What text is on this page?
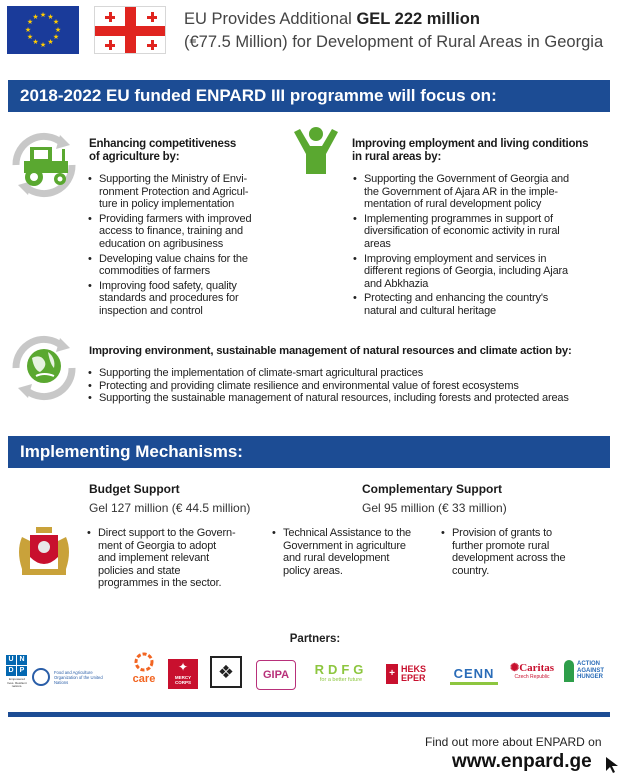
★ ★
★
★
★
★
★
★
★
★
★
★	EU Provides Additional GEL 222 million
(€77.5 Million) for Development of Rural Areas in Georgia
2018-2022 EU funded ENPARD III programme will focus on:
Enhancing competitiveness
of agriculture by:
• Supporting the Ministry of Envi-
ronment Protection and Agricul-
ture in policy implementation
• Providing farmers with improved
access to finance, training and
education on agribusiness
• Developing value chains for the
commodities of farmers
• Improving food safety, quality
standards and procedures for
inspection and control
Improving employment and living conditions
in rural areas by:
• Supporting the Government of Georgia and
the Government of Ajara AR in the imple-
mentation of rural development policy
• Implementing programmes in support of
diversification of economic activity in rural
areas
• Improving employment and services in
different regions of Georgia, including Ajara
and Abkhazia
• Protecting and enhancing the country's
natural and cultural heritage
Improving environment, sustainable management of natural resources and climate action by:
• Supporting the implementation of climate-smart agricultural practices
• Protecting and providing climate resilience and environmental value of forest ecosystems
• Supporting the sustainable management of natural resources, including forests and protected areas
Implementing Mechanisms:
Budget Support
Gel 127 million (€ 44.5 million)
Complementary Support
Gel 95 million (€ 33 million)
• Direct support to the Govern-
ment of Georgia to adopt
and implement relevant
policies and state
programmes in the sector.
• Technical Assistance to the
Government in agriculture
and rural development
policy areas.
• Provision of grants to
further promote rural
development across the
country.
Partners:
U N
D P
Empowered lives. Resilient nations.
Food and Agriculture Organization of the United Nations	care
✦
MERCY CORPS
❖	GIPA	RDFG
for a better future
+ HEKS
EPER CENN	✺Caritas
Czech Republic
ACTION
AGAINST
HUNGER
Find out more about ENPARD on
www.enpard.ge
